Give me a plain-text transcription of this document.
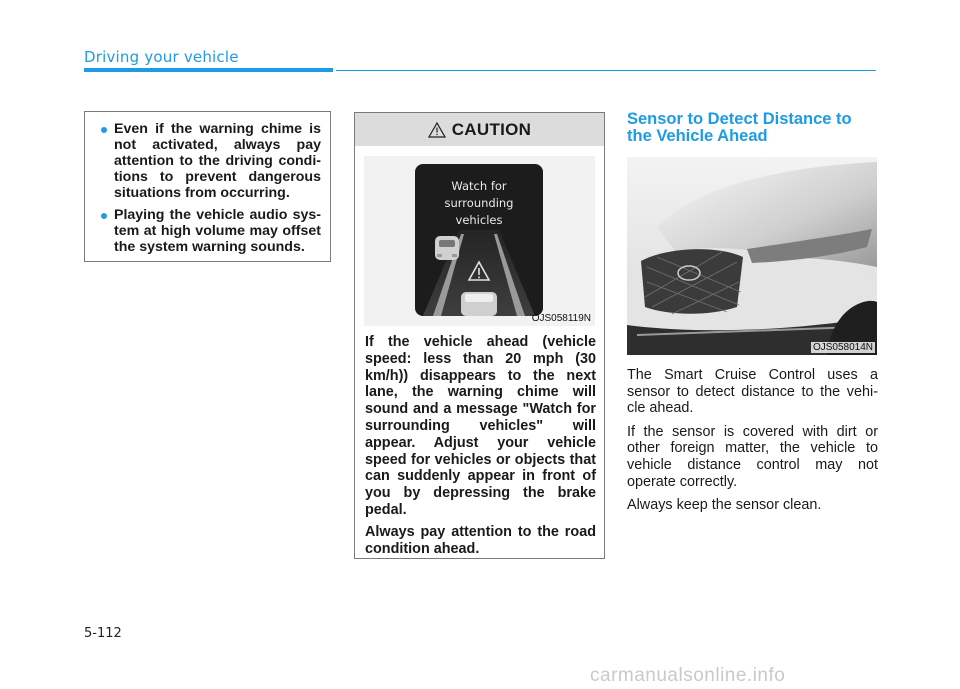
Driving your vehicle
Even if the warning chime is not activated, always pay attention to the driving condi-tions to prevent dangerous situations from occurring.
Playing the vehicle audio sys-tem at high volume may offset the system warning sounds.
CAUTION
Watch for
surrounding
vehicles
OJS058119N

If the vehicle ahead (vehicle speed: less than 20 mph (30 km/h)) disappears to the next lane, the warning chime will sound and a message "Watch for surrounding vehicles" will appear. Adjust your vehicle speed for vehicles or objects that can suddenly appear in front of you by depressing the brake pedal.

Always pay attention to the road condition ahead.

Sensor to Detect Distance to the Vehicle Ahead
OJS058014N

The Smart Cruise Control uses a sensor to detect distance to the vehi-cle ahead.

If the sensor is covered with dirt or other foreign matter, the vehicle to vehicle distance control may not operate correctly.

Always keep the sensor clean.

5-112
carmanualsonline.info
